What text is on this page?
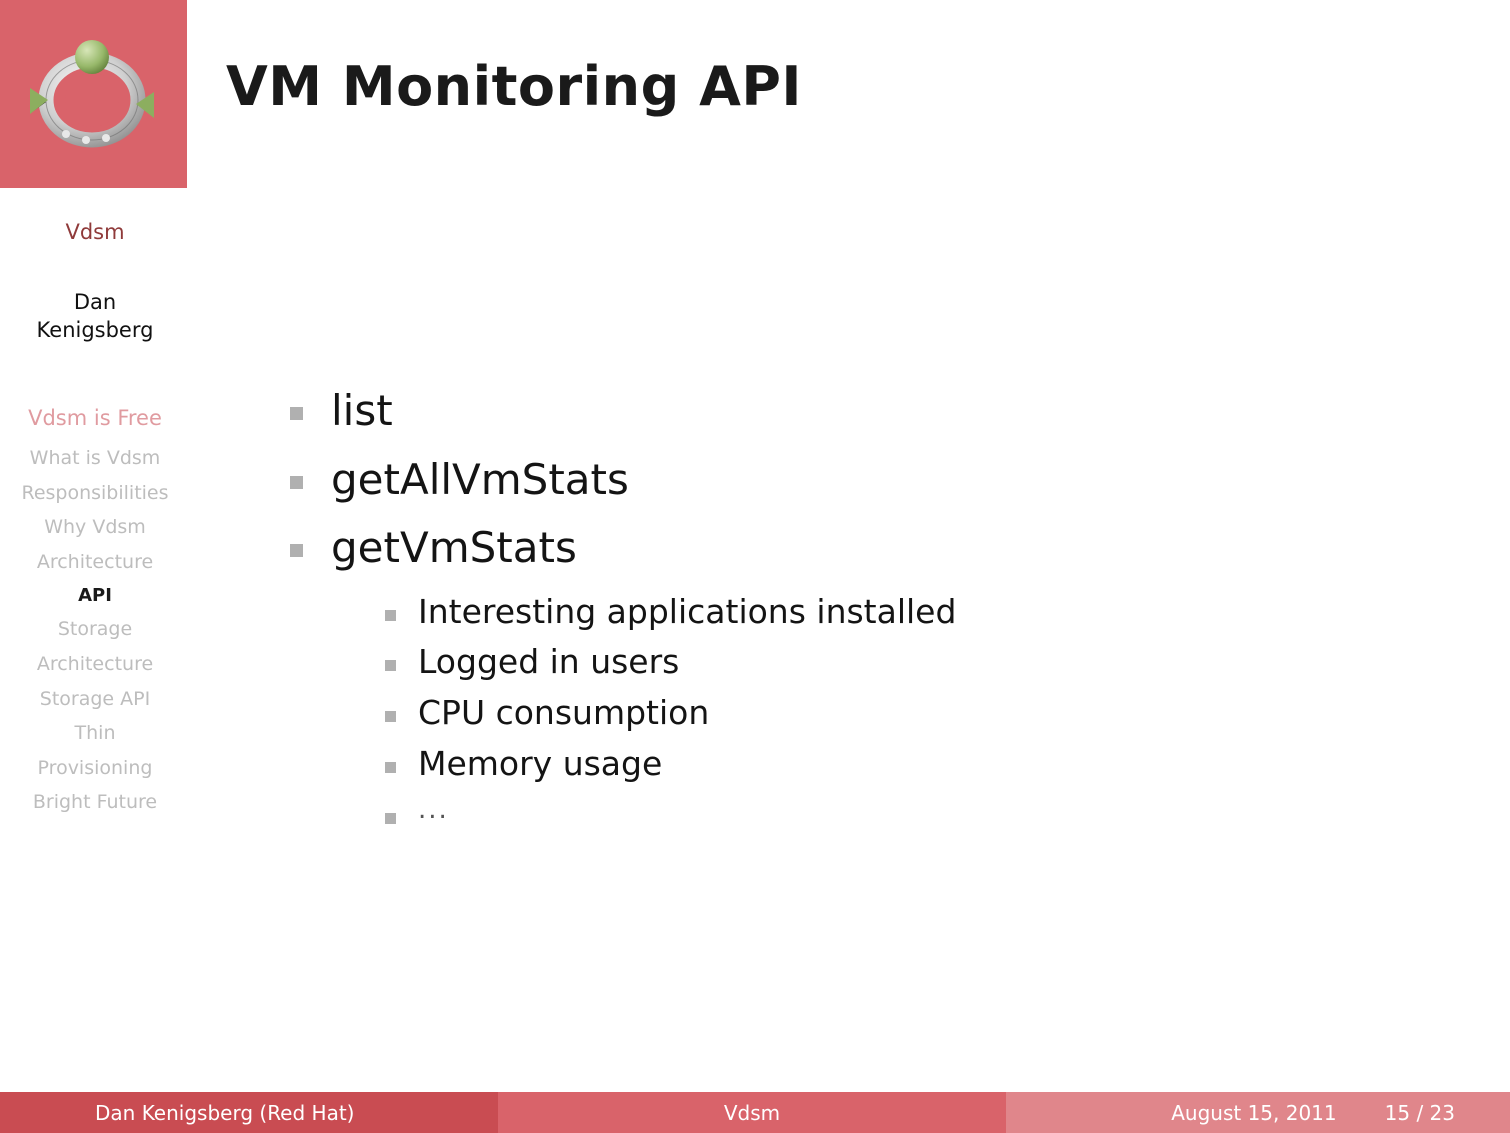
VM Monitoring API
Vdsm
Dan
Kenigsberg
Vdsm is Free
What is Vdsm
Responsibilities
Why Vdsm
Architecture
API
Storage
Architecture
Storage API
Thin
Provisioning
Bright Future
list
getAllVmStats
getVmStats
Interesting applications installed
Logged in users
CPU consumption
Memory usage
...
Dan Kenigsberg (Red Hat)	Vdsm	August 15, 2011 15 / 23
